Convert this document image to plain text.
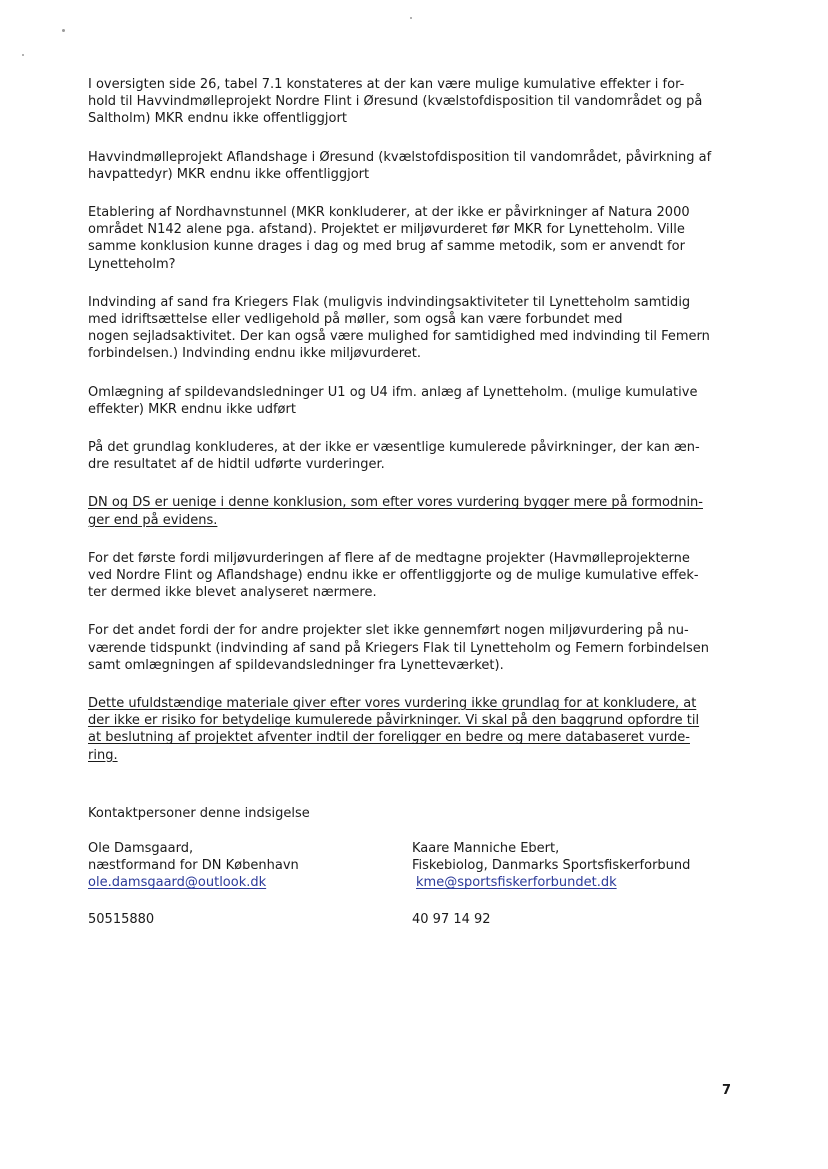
I oversigten side 26, tabel 7.1 konstateres at der kan være mulige kumulative effekter i for-
hold til Havvindmølleprojekt Nordre Flint i Øresund (kvælstofdisposition til vandområdet og på
Saltholm) MKR endnu ikke offentliggjort

Havvindmølleprojekt Aflandshage i Øresund (kvælstofdisposition til vandområdet, påvirkning af
havpattedyr) MKR endnu ikke offentliggjort

Etablering af Nordhavnstunnel (MKR konkluderer, at der ikke er påvirkninger af Natura 2000
området N142 alene pga. afstand). Projektet er miljøvurderet før MKR for Lynetteholm. Ville
samme konklusion kunne drages i dag og med brug af samme metodik, som er anvendt for
Lynetteholm?

Indvinding af sand fra Kriegers Flak (muligvis indvindingsaktiviteter til Lynetteholm samtidig
med idriftsættelse eller vedligehold på møller, som også kan være forbundet med
nogen sejladsaktivitet. Der kan også være mulighed for samtidighed med indvinding til Femern
forbindelsen.) Indvinding endnu ikke miljøvurderet.

Omlægning af spildevandsledninger U1 og U4 ifm. anlæg af Lynetteholm. (mulige kumulative
effekter) MKR endnu ikke udført

På det grundlag konkluderes, at der ikke er væsentlige kumulerede påvirkninger, der kan æn-
dre resultatet af de hidtil udførte vurderinger.

DN og DS er uenige i denne konklusion, som efter vores vurdering bygger mere på formodnin-
ger end på evidens.

For det første fordi miljøvurderingen af flere af de medtagne projekter (Havmølleprojekterne
ved Nordre Flint og Aflandshage) endnu ikke er offentliggjorte og de mulige kumulative effek-
ter dermed ikke blevet analyseret nærmere.

For det andet fordi der for andre projekter slet ikke gennemført nogen miljøvurdering på nu-
værende tidspunkt (indvinding af sand på Kriegers Flak til Lynetteholm og Femern forbindelsen
samt omlægningen af spildevandsledninger fra Lynetteværket).

Dette ufuldstændige materiale giver efter vores vurdering ikke grundlag for at konkludere, at
der ikke er risiko for betydelige kumulerede påvirkninger. Vi skal på den baggrund opfordre til
at beslutning af projektet afventer indtil der foreligger en bedre og mere databaseret vurde-
ring.

Kontaktpersoner denne indsigelse

Ole Damsgaard,
næstformand for DN København
ole.damsgaard@outlook.dk
Kaare Manniche Ebert,
Fiskebiolog, Danmarks Sportsfiskerforbund
kme@sportsfiskerforbundet.dk
50515880	40 97 14 92
7
